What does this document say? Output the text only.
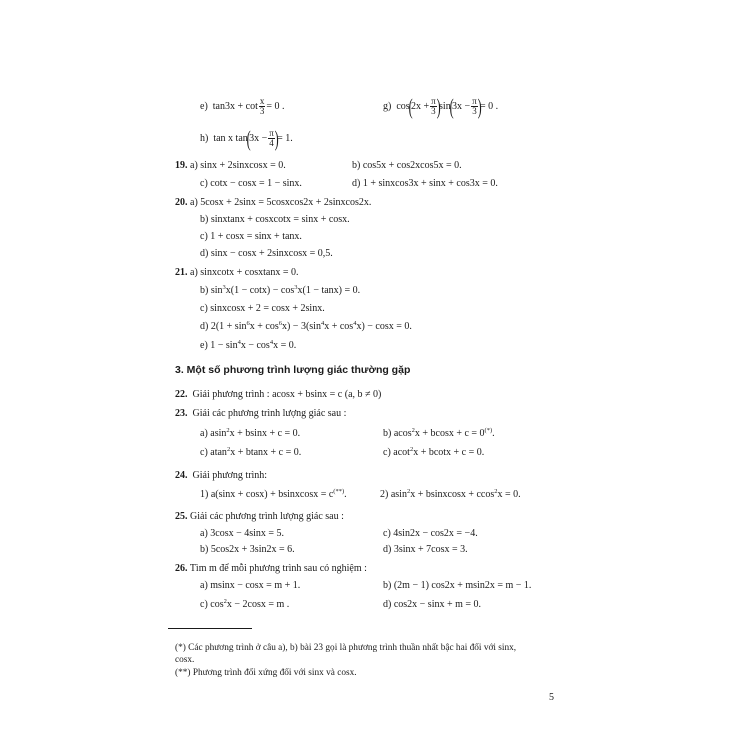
e) $\tan 3x + \cot \frac{x}{3} = 0$ .	g) $\cos(2x + \frac{\pi}{3} )\sin(3x - \frac{\pi}{3}$ )= 0 .
h) tan x $\tan(3x - \frac{\pi}{4}$ )= 1.
19. a) sinx + 2sinxcosx = 0.	b) cos5x + cos2xcos5x = 0.
c) cotx − cosx = 1 − sinx.	d) 1 + sinxcos3x + sinx + cos3x = 0.
20. a) 5cosx + 2sinx = 5cosxcos2x + 2sinxcos2x.
b) sinxtanx + cosxcotx = sinx + cosx.
c) 1 + cosx = sinx + tanx.
d) sinx − cosx + 2sinxcosx = 0,5.
21. a) sinxcotx + cosxtanx = 0.
b) $\sin^3x(1 - \cot x) - \cos^3x(1 - \tan x) = 0$.
c) sinxcosx + 2 = cosx + 2sinx.
d) $2(1 + \sin^6x + \cos^6x) - 3(\sin^4x + \cos^4x) - \cos x = 0$.
e) $1 - \sin^4x - \cos^4x = 0$.
3. Một số phương trình lượng giác thường gặp
22. Giải phương trình : acosx + bsinx = c (a, b ≠ 0)
23. Giải các phương trình lượng giác sau :
a) asin$^2$x + bsinx + c = 0.	b) acos$^2$x + bcosx + c = 0(*).
c) atan$^2$x + btanx + c = 0.	c) acot$^2$x + bcotx + c = 0.
24. Giải phương trình:
1) a(sinx + cosx) + bsinxcosx = c(**).	2) asin$^2$x + bsinxcosx + ccos$^2$x = 0.
25. Giải các phương trình lượng giác sau :
a) 3cosx − 4sinx = 5.	c) 4sin2x − cos2x = −4.
b) 5cos2x + 3sin2x = 6.	d) 3sinx + 7cosx = 3.
26. Tìm m để mỗi phương trình sau có nghiệm :
a) msinx − cosx = m + 1.	b) (2m − 1) cos2x + msin2x = m − 1.
c) $\cos^2x - 2\cos x = m$ .	d) cos2x − sinx + m = 0.
(*) Các phương trình ở câu a), b) bài 23 gọi là phương trình thuần nhất bậc hai đối với sinx,
cosx.
(**) Phương trình đối xứng đối với sinx và cosx.
5
